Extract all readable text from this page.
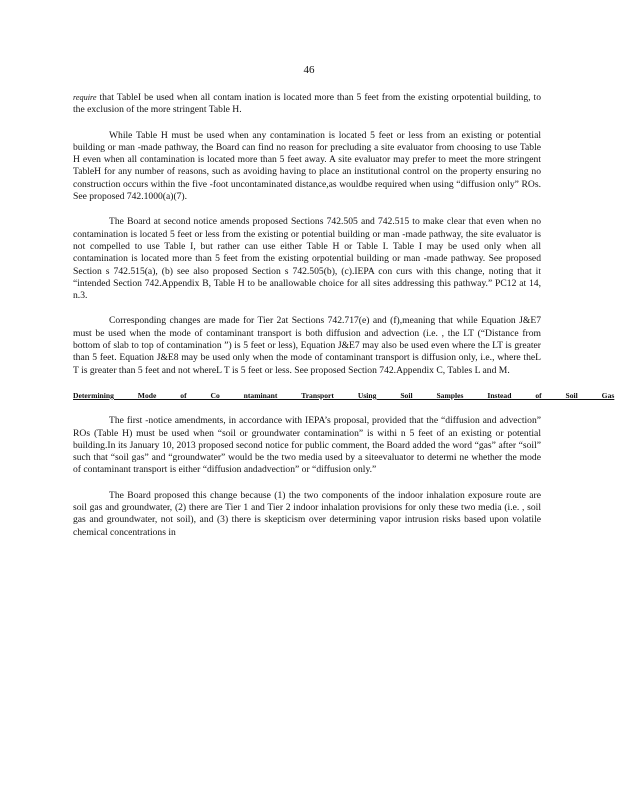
46

require that TableI be used when all contam ination is located more than 5 feet from the existing orpotential building, to the exclusion of the more stringent Table H.

While Table H must be used when any contamination is located 5 feet or less from an existing or potential building or man -made pathway, the Board can find no reason for precluding a site evaluator from choosing to use Table H even when all contamination is located more than 5 feet away. A site evaluator may prefer to meet the more stringent TableH for any number of reasons, such as avoiding having to place an institutional control on the property ensuring no construction occurs within the five -foot uncontaminated distance,as wouldbe required when using “diffusion only” ROs. See proposed 742.1000(a)(7).

The Board at second notice amends proposed Sections 742.505 and 742.515 to make clear that even when no contamination is located 5 feet or less from the existing or potential building or man -made pathway, the site evaluator is not compelled to use Table I, but rather can use either Table H or Table I. Table I may be used only when all contamination is located more than 5 feet from the existing orpotential building or man -made pathway. See proposed Section s 742.515(a), (b) see also proposed Section s 742.505(b), (c).IEPA con curs with this change, noting that it “intended Section 742.Appendix B, Table H to be anallowable choice for all sites addressing this pathway.” PC12 at 14, n.3.

Corresponding changes are made for Tier 2at Sections 742.717(e) and (f),meaning that while Equation J&E7 must be used when the mode of contaminant transport is both diffusion and advection (i.e. , the LT (“Distance from bottom of slab to top of contamination ”) is 5 feet or less), Equation J&E7 may also be used even where the LT is greater than 5 feet. Equation J&E8 may be used only when the mode of contaminant transport is diffusion only, i.e., where theL T is greater than 5 feet and not whereL T is 5 feet or less. See proposed Section 742.Appendix C, Tables L and M.

Determining Mode of Co ntaminant Transport Using Soil Samples Instead of Soil Gas

The first -notice amendments, in accordance with IEPA’s proposal, provided that the “diffusion and advection” ROs (Table H) must be used when “soil or groundwater contamination” is withi n 5 feet of an existing or potential building.In its January 10, 2013 proposed second notice for public comment, the Board added the word “gas” after “soil” such that “soil gas” and “groundwater” would be the two media used by a siteevaluator to determi ne whether the mode of contaminant transport is either “diffusion andadvection” or “diffusion only.”

The Board proposed this change because (1) the two components of the indoor inhalation exposure route are soil gas and groundwater, (2) there are Tier 1 and Tier 2 indoor inhalation provisions for only these two media (i.e. , soil gas and groundwater, not soil), and (3) there is skepticism over determining vapor intrusion risks based upon volatile chemical concentrations in
